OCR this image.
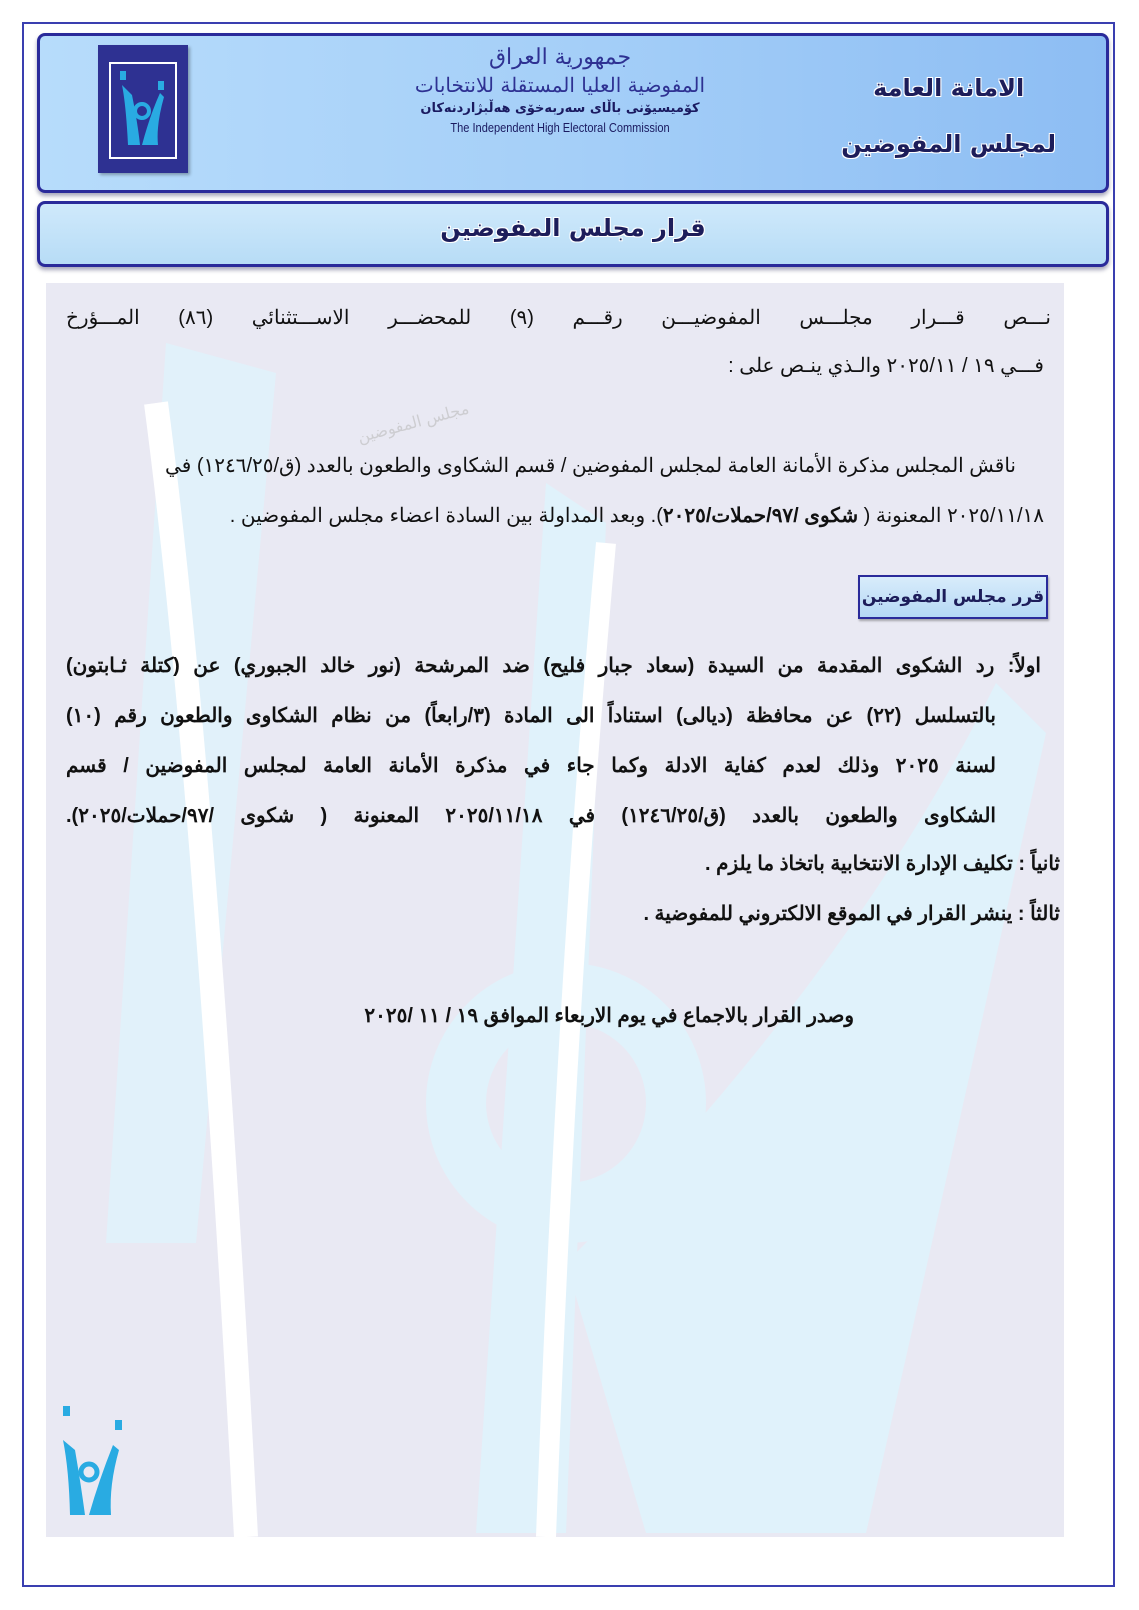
جمهورية العراق
المفوضية العليا المستقلة للانتخابات
کۆمیسیۆنی باڵای سەربەخۆی هەڵبژاردنەکان
The Independent High Electoral Commission
الامانة العامة
لمجلس المفوضين
قرار مجلس المفوضين
مجلس المفوضين
نـــص قـــرار مجلـــس المفوضيـــن رقـــم (٩) للمحضـــر الاســـتثنائي (٨٦) المـــؤرخ
فـــي ١٩ / ٢٠٢٥/١١ والـذي ينـص على :
ناقش المجلس مذكرة الأمانة العامة لمجلس المفوضين / قسم الشكاوى والطعون بالعدد (ق/١٢٤٦/٢٥) في
٢٠٢٥/١١/١٨ المعنونة ( شكوى /٩٧/حملات/٢٠٢٥). وبعد المداولة بين السادة اعضاء مجلس المفوضين .
قرر مجلس المفوضين
اولاً: رد الشكوى المقدمة من السيدة (سعاد جبار فليح) ضد المرشحة (نور خالد الجبوري) عن (كتلة ثـابتون)
بالتسلسل (٢٢) عن محافظة (ديالى) استناداً الى المادة (٣/رابعاً) من نظام الشكاوى والطعون رقم (١٠)
لسنة ٢٠٢٥ وذلك لعدم كفاية الادلة وكما جاء في مذكرة الأمانة العامة لمجلس المفوضين / قسم
الشكاوى والطعون بالعدد (ق/١٢٤٦/٢٥) في ٢٠٢٥/١١/١٨ المعنونة ( شكوى /٩٧/حملات/٢٠٢٥).
ثانياً : تكليف الإدارة الانتخابية باتخاذ ما يلزم .
ثالثاً : ينشر القرار في الموقع الالكتروني للمفوضية .
وصدر القرار بالاجماع في يوم الاربعاء الموافق ١٩ / ١١ /٢٠٢٥
